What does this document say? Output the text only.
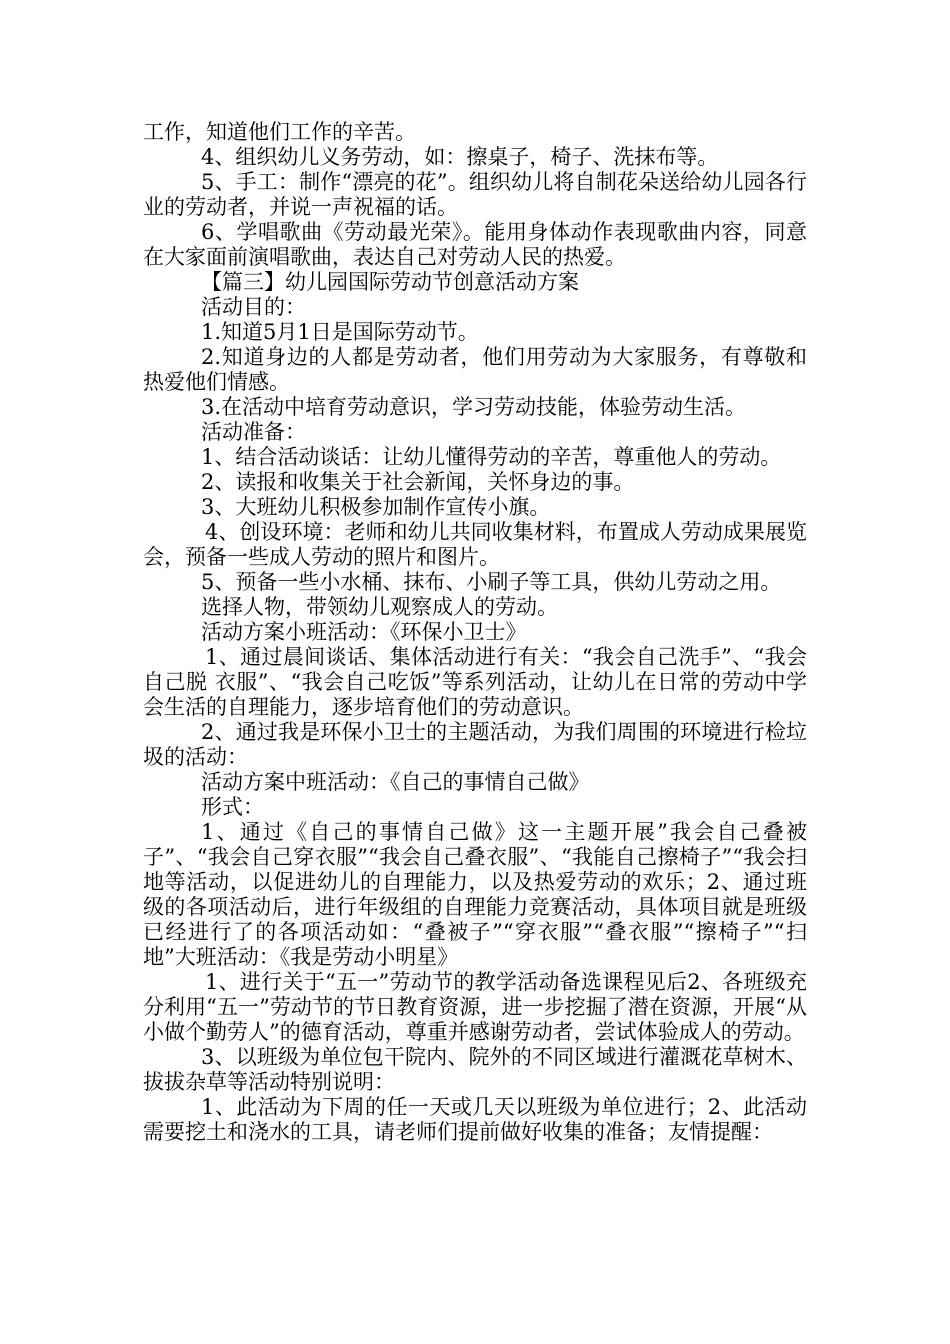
工作，知道他们工作的辛苦。

4、组织幼儿义务劳动，如：擦桌子，椅子、洗抹布等。

5、手工：制作“漂亮的花”。组织幼儿将自制花朵送给幼儿园各行业的劳动者，并说一声祝福的话。

6、学唱歌曲《劳动最光荣》。能用身体动作表现歌曲内容，同意在大家面前演唱歌曲，表达自己对劳动人民的热爱。

【篇三】幼儿园国际劳动节创意活动方案

活动目的：

1.知道5月1日是国际劳动节。

2.知道身边的人都是劳动者，他们用劳动为大家服务，有尊敬和热爱他们情感。

3.在活动中培育劳动意识，学习劳动技能，体验劳动生活。

活动准备：

1、结合活动谈话：让幼儿懂得劳动的辛苦，尊重他人的劳动。

2、读报和收集关于社会新闻，关怀身边的事。

3、大班幼儿积极参加制作宣传小旗。

4、创设环境：老师和幼儿共同收集材料，布置成人劳动成果展览会，预备一些成人劳动的照片和图片。

5、预备一些小水桶、抹布、小刷子等工具，供幼儿劳动之用。

选择人物，带领幼儿观察成人的劳动。

活动方案小班活动：《环保小卫士》

1、通过晨间谈话、集体活动进行有关：“我会自己洗手”、“我会自己脱 衣服”、“我会自己吃饭”等系列活动，让幼儿在日常的劳动中学会生活的自理能力，逐步培育他们的劳动意识。

2、通过我是环保小卫士的主题活动，为我们周围的环境进行检垃圾的活动：

活动方案中班活动：《自己的事情自己做》

形式：

1、通过《自己的事情自己做》这一主题开展”我会自己叠被子”、“我会自己穿衣服”“我会自己叠衣服”、“我能自己擦椅子”“我会扫地等活动，以促进幼儿的自理能力，以及热爱劳动的欢乐；2、通过班级的各项活动后，进行年级组的自理能力竞赛活动，具体项目就是班级已经进行了的各项活动如：“叠被子”“穿衣服”“叠衣服”“擦椅子”“扫地”大班活动：《我是劳动小明星》

1、进行关于“五一”劳动节的教学活动备选课程见后2、各班级充分利用“五一”劳动节的节日教育资源，进一步挖掘了潜在资源，开展“从小做个勤劳人”的德育活动，尊重并感谢劳动者，尝试体验成人的劳动。

3、以班级为单位包干院内、院外的不同区域进行灌溉花草树木、拔拔杂草等活动特别说明：

1、此活动为下周的任一天或几天以班级为单位进行；2、此活动需要挖土和浇水的工具，请老师们提前做好收集的准备；友情提醒：
